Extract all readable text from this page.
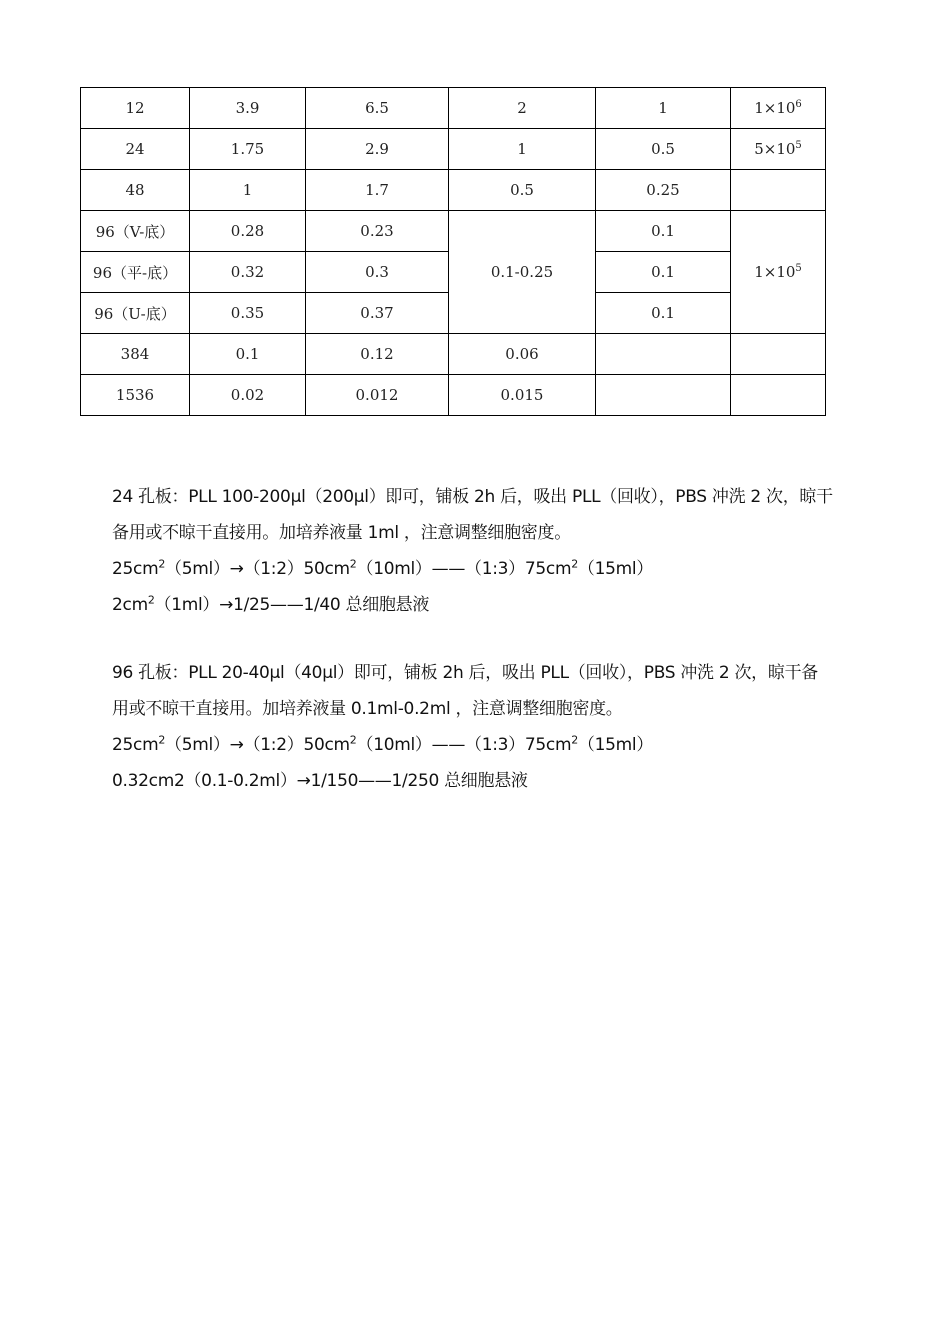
12	3.9	6.5	2	1	$1\times 10^6$
24	1.75	2.9	1	0.5	$5\times 10^5$
48	1	1.7	0.5	0.25	
96（V-底）	0.28	0.23	0.1-0.25	0.1	$1\times 10^5$
96（平-底）	0.32	0.3		0.1	
96（U-底）	0.35	0.37		0.1	
384	0.1	0.12	0.06		
1536	0.02	0.012	0.015		

24 孔板：PLL 100-200μl（200μl）即可，铺板 2h 后，吸出 PLL（回收），PBS 冲洗 2 次，晾干

备用或不晾干直接用。加培养液量 1ml ，注意调整细胞密度。

$25cm^2(5ml)\to(1:2)50cm^2(10ml)——(1:3)75cm^2(15ml)$

$2cm^2(1ml)\to 1/25——1/40$ 总细胞悬液

96 孔板：PLL 20-40μl（40μl）即可，铺板 2h 后，吸出 PLL（回收），PBS 冲洗 2 次，晾干备

用或不晾干直接用。加培养液量 0.1ml-0.2ml ，注意调整细胞密度。

$25cm^2(5ml)\to(1:2)50cm^2(10ml)——(1:3)75cm^2(15ml)$

0.32cm2（0.1-0.2ml）→1/150——1/250 总细胞悬液
